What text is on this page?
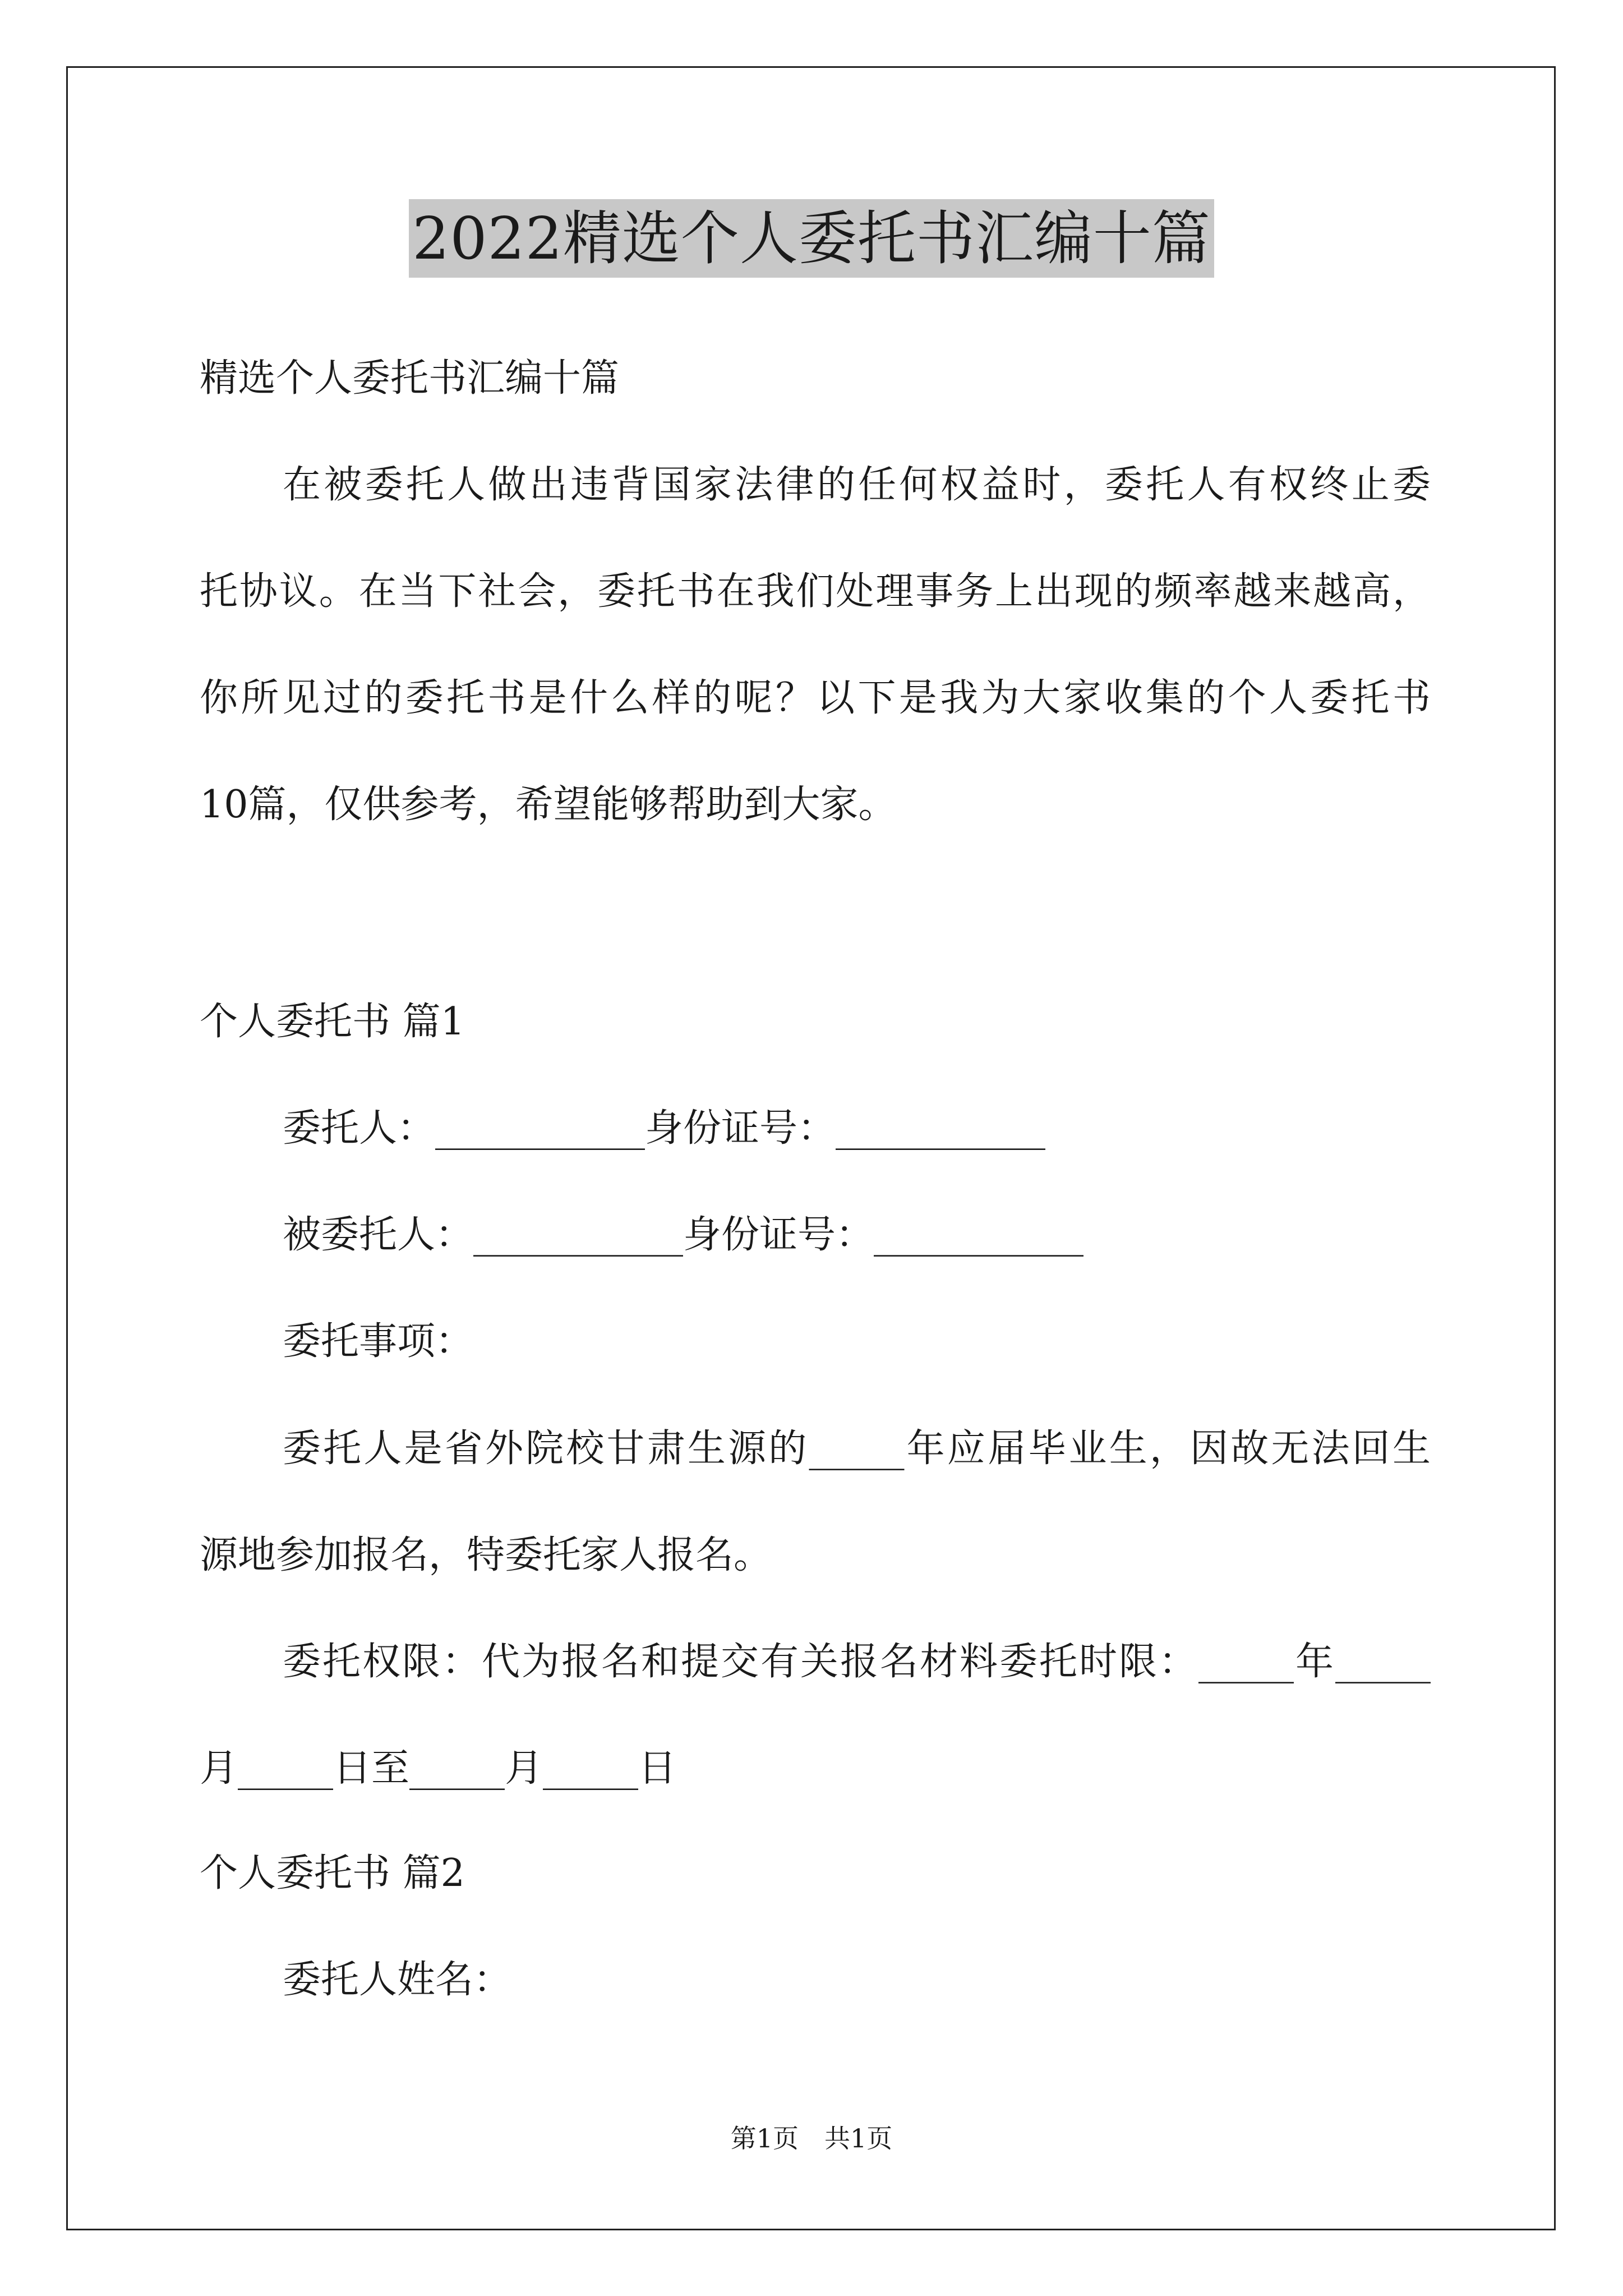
2022精选个人委托书汇编十篇
精选个人委托书汇编十篇
在被委托人做出违背国家法律的任何权益时，委托人有权终止委
托协议。在当下社会，委托书在我们处理事务上出现的频率越来越高，
你所见过的委托书是什么样的呢？以下是我为大家收集的个人委托书
10篇，仅供参考，希望能够帮助到大家。
个人委托书 篇1
委托人：___________身份证号：___________
被委托人：___________身份证号：___________
委托事项：
委托人是省外院校甘肃生源的_____年应届毕业生，因故无法回生
源地参加报名，特委托家人报名。
委托权限：代为报名和提交有关报名材料委托时限：_____年_____
月_____日至_____月_____日
个人委托书 篇2
委托人姓名：
第1页　共1页
